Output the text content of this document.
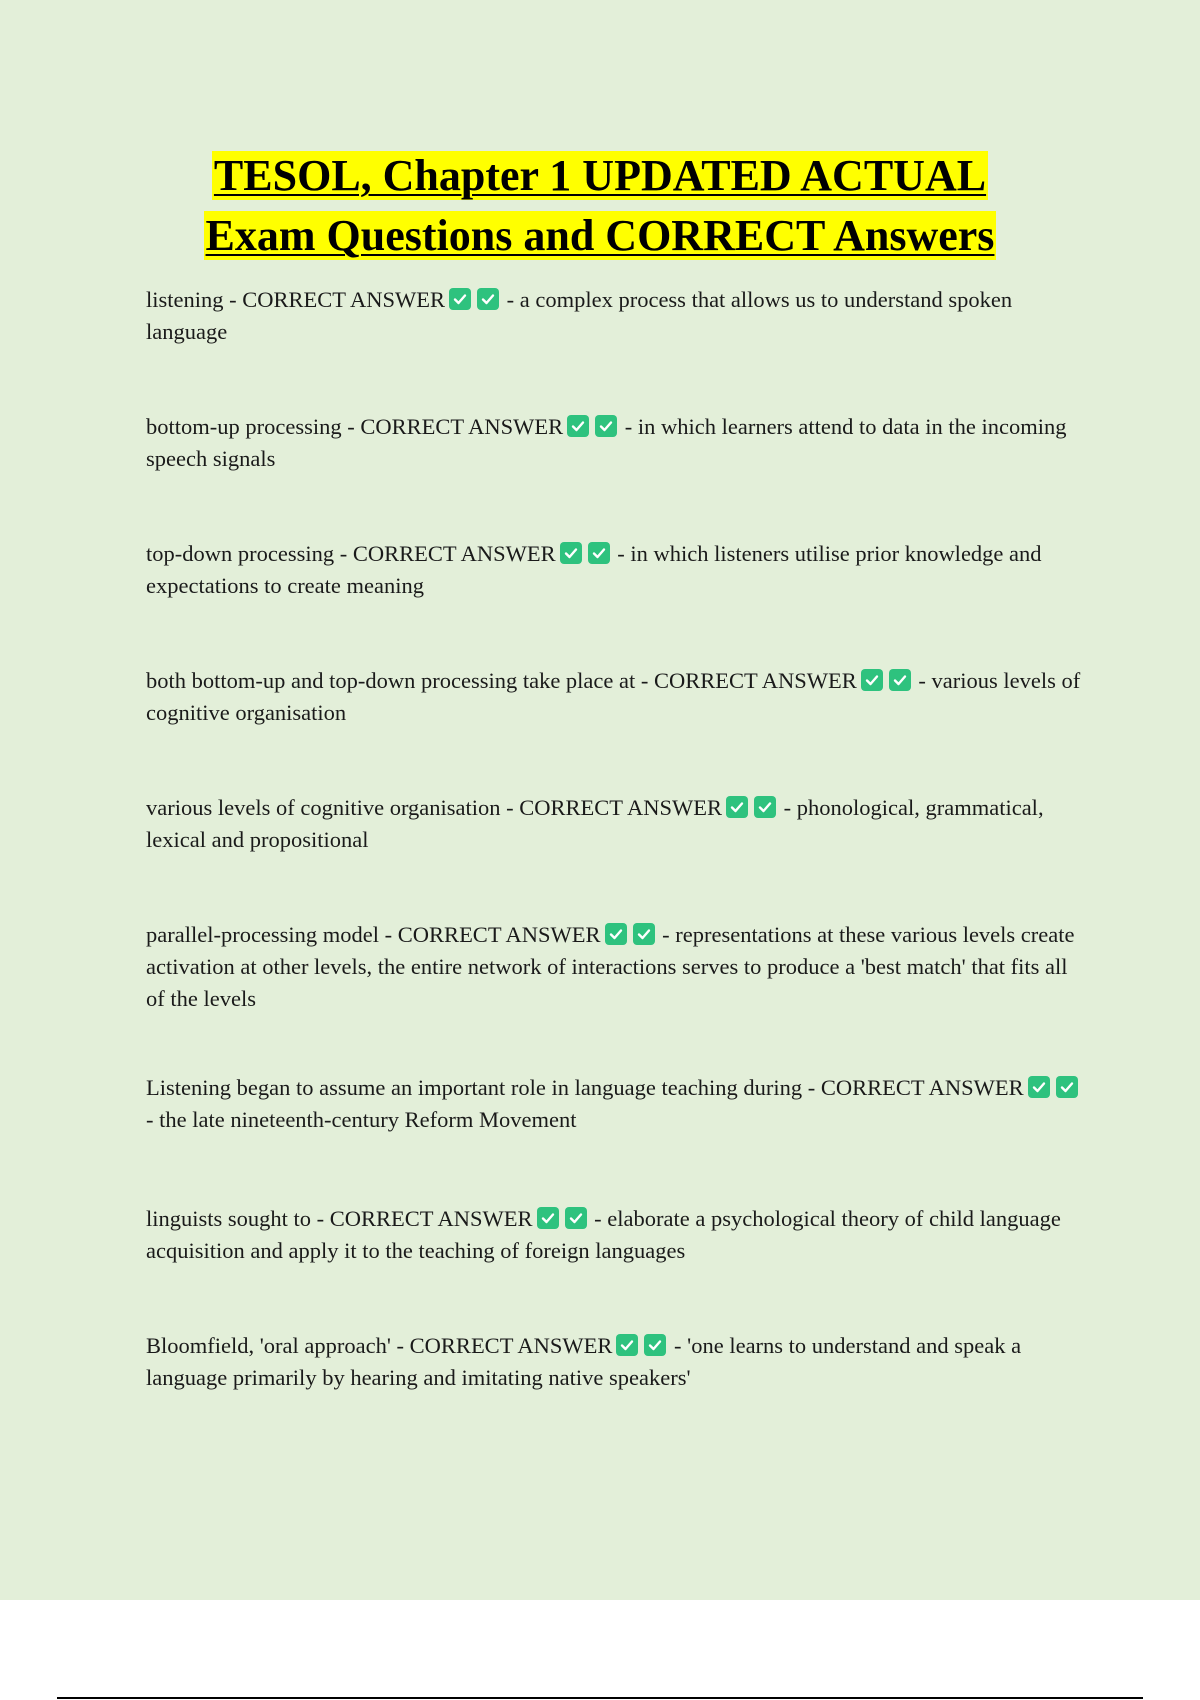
TESOL, Chapter 1 UPDATED ACTUAL
Exam Questions and CORRECT Answers

listening - CORRECT ANSWER
- a complex process that allows us to understand spoken language

bottom-up processing - CORRECT ANSWER
- in which learners attend to data in the incoming speech signals

top-down processing - CORRECT ANSWER
- in which listeners utilise prior knowledge and expectations to create meaning

both bottom-up and top-down processing take place at - CORRECT ANSWER
- various levels of cognitive organisation

various levels of cognitive organisation - CORRECT ANSWER
- phonological, grammatical, lexical and propositional

parallel-processing model - CORRECT ANSWER
- representations at these various levels create activation at other levels, the entire network of interactions serves to produce a 'best match' that fits all of the levels

Listening began to assume an important role in language teaching during - CORRECT ANSWER
- the late nineteenth-century Reform Movement

linguists sought to - CORRECT ANSWER
- elaborate a psychological theory of child language acquisition and apply it to the teaching of foreign languages

Bloomfield, 'oral approach' - CORRECT ANSWER
- 'one learns to understand and speak a language primarily by hearing and imitating native speakers'
